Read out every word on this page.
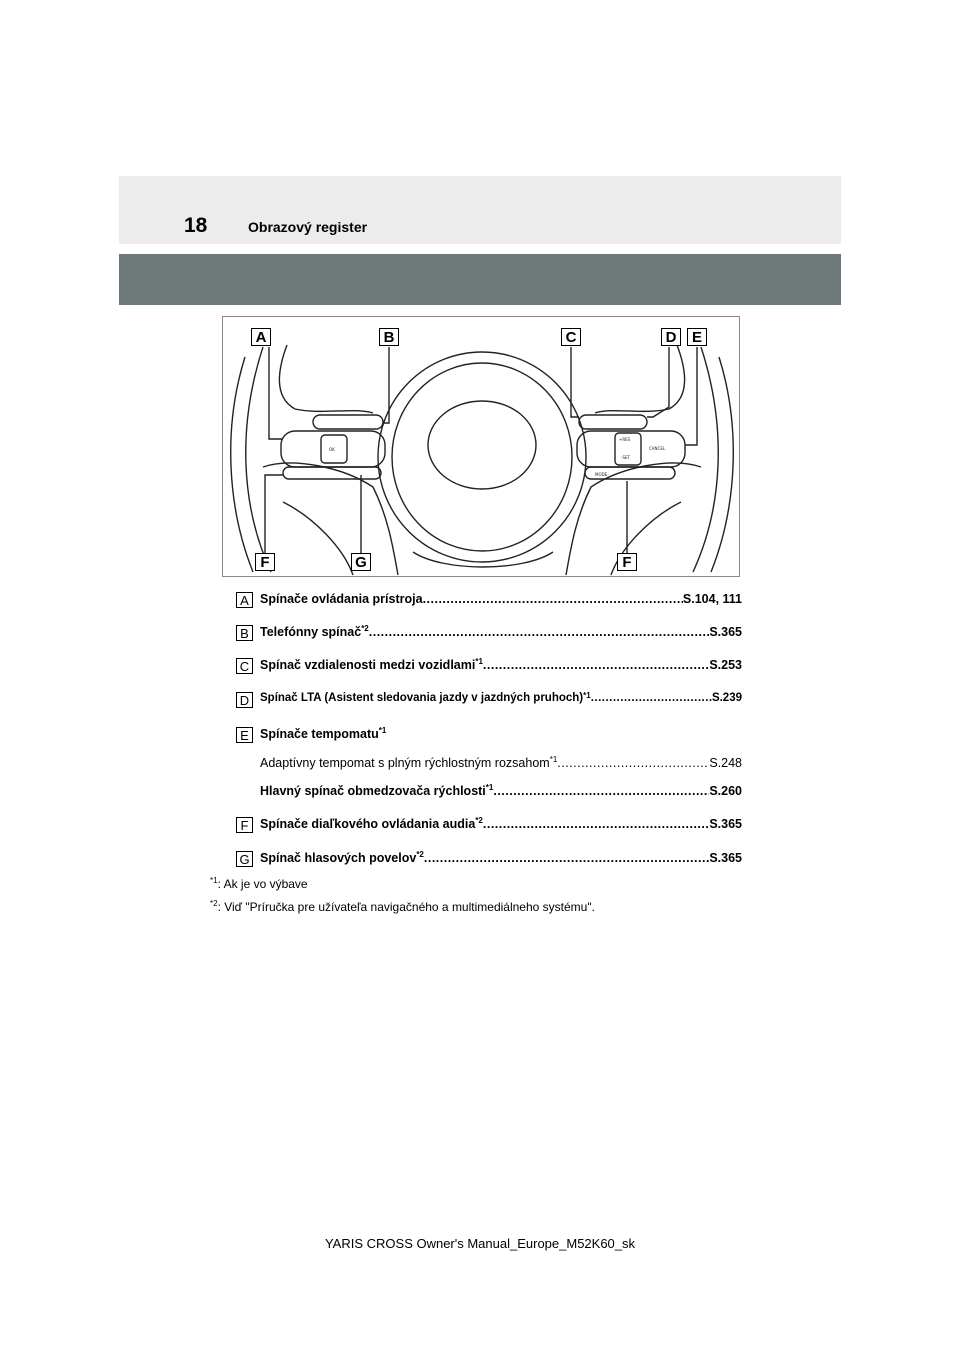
18	Obrazový register
OK
MODE
CANCEL
+RES
-SET
A	B	C	D	E
F	G	F
A Spínače ovládania prístroja .....	S.104, 111
B Telefónny spínač$^{*2}$ .....	S.365
C Spínač vzdialenosti medzi vozidlami$^{*1}$ .....	S.253
D Spínač LTA (Asistent sledovania jazdy v jazdných pruhoch)$^{*1}$ .....	S.239
E Spínače tempomatu$^{*1}$
Adaptívny tempomat s plným rýchlostným rozsahom$^{*1}$ .....	S.248
Hlavný spínač obmedzovača rýchlosti$^{*1}$ .....	S.260
F Spínače diaľkového ovládania audia$^{*2}$ .....	S.365
G Spínač hlasových povelov$^{*2}$ .....	S.365
$^{*1}$: Ak je vo výbave
$^{*2}$: Viď "Príručka pre užívateľa navigačného a multimediálneho systému".
YARIS CROSS Owner's Manual_Europe_M52K60_sk
